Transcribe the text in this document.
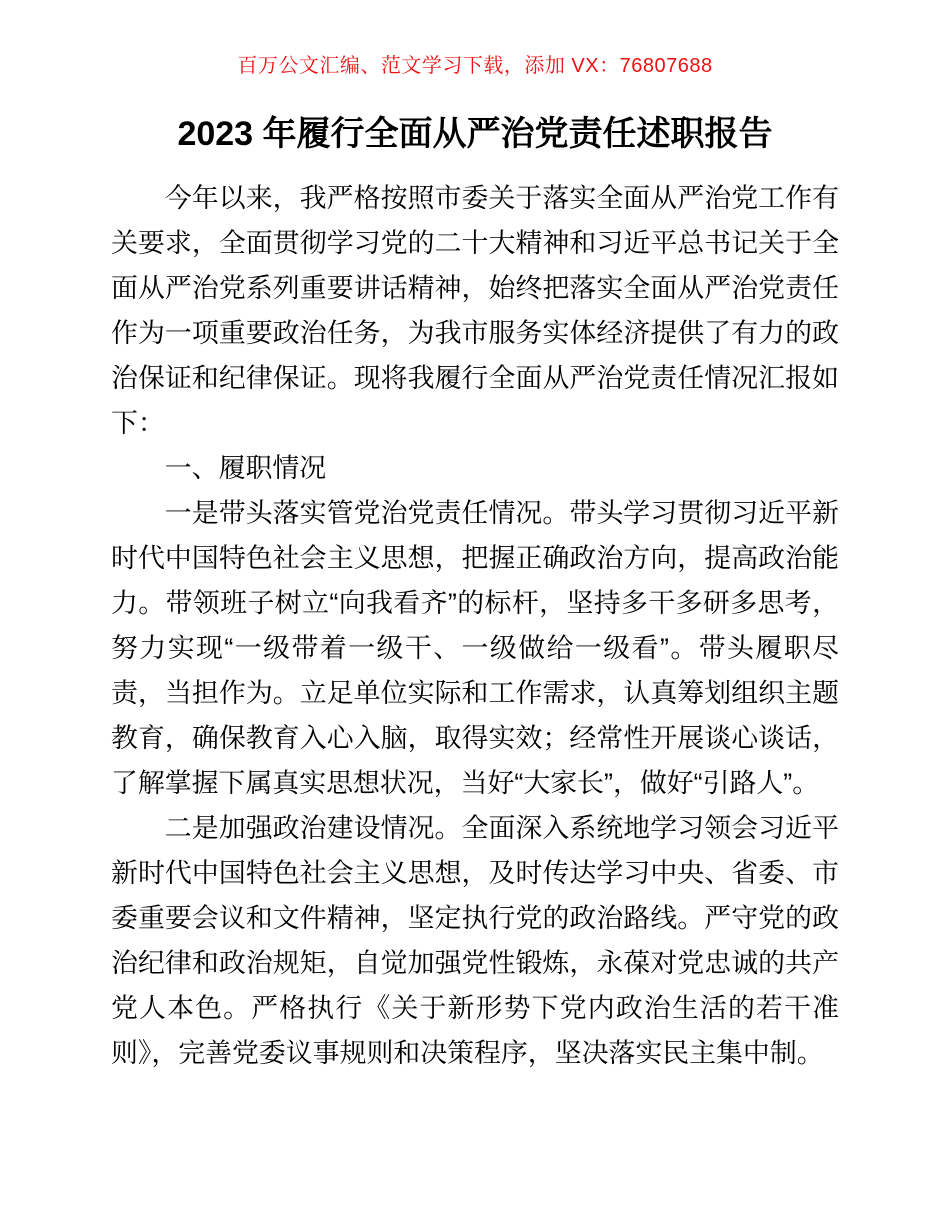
百万公文汇编、范文学习下载，添加 VX：76807688
2023 年履行全面从严治党责任述职报告

今年以来，我严格按照市委关于落实全面从严治党工作有关要求，全面贯彻学习党的二十大精神和习近平总书记关于全面从严治党系列重要讲话精神，始终把落实全面从严治党责任作为一项重要政治任务，为我市服务实体经济提供了有力的政治保证和纪律保证。现将我履行全面从严治党责任情况汇报如下：

一、履职情况

一是带头落实管党治党责任情况。带头学习贯彻习近平新时代中国特色社会主义思想，把握正确政治方向，提高政治能力。带领班子树立“向我看齐”的标杆，坚持多干多研多思考，努力实现“一级带着一级干、一级做给一级看”。带头履职尽责，当担作为。立足单位实际和工作需求，认真筹划组织主题教育，确保教育入心入脑，取得实效；经常性开展谈心谈话，了解掌握下属真实思想状况，当好“大家长”，做好“引路人”。

二是加强政治建设情况。全面深入系统地学习领会习近平新时代中国特色社会主义思想，及时传达学习中央、省委、市委重要会议和文件精神，坚定执行党的政治路线。严守党的政治纪律和政治规矩，自觉加强党性锻炼，永葆对党忠诚的共产党人本色。严格执行《关于新形势下党内政治生活的若干准则》，完善党委议事规则和决策程序，坚决落实民主集中制。
